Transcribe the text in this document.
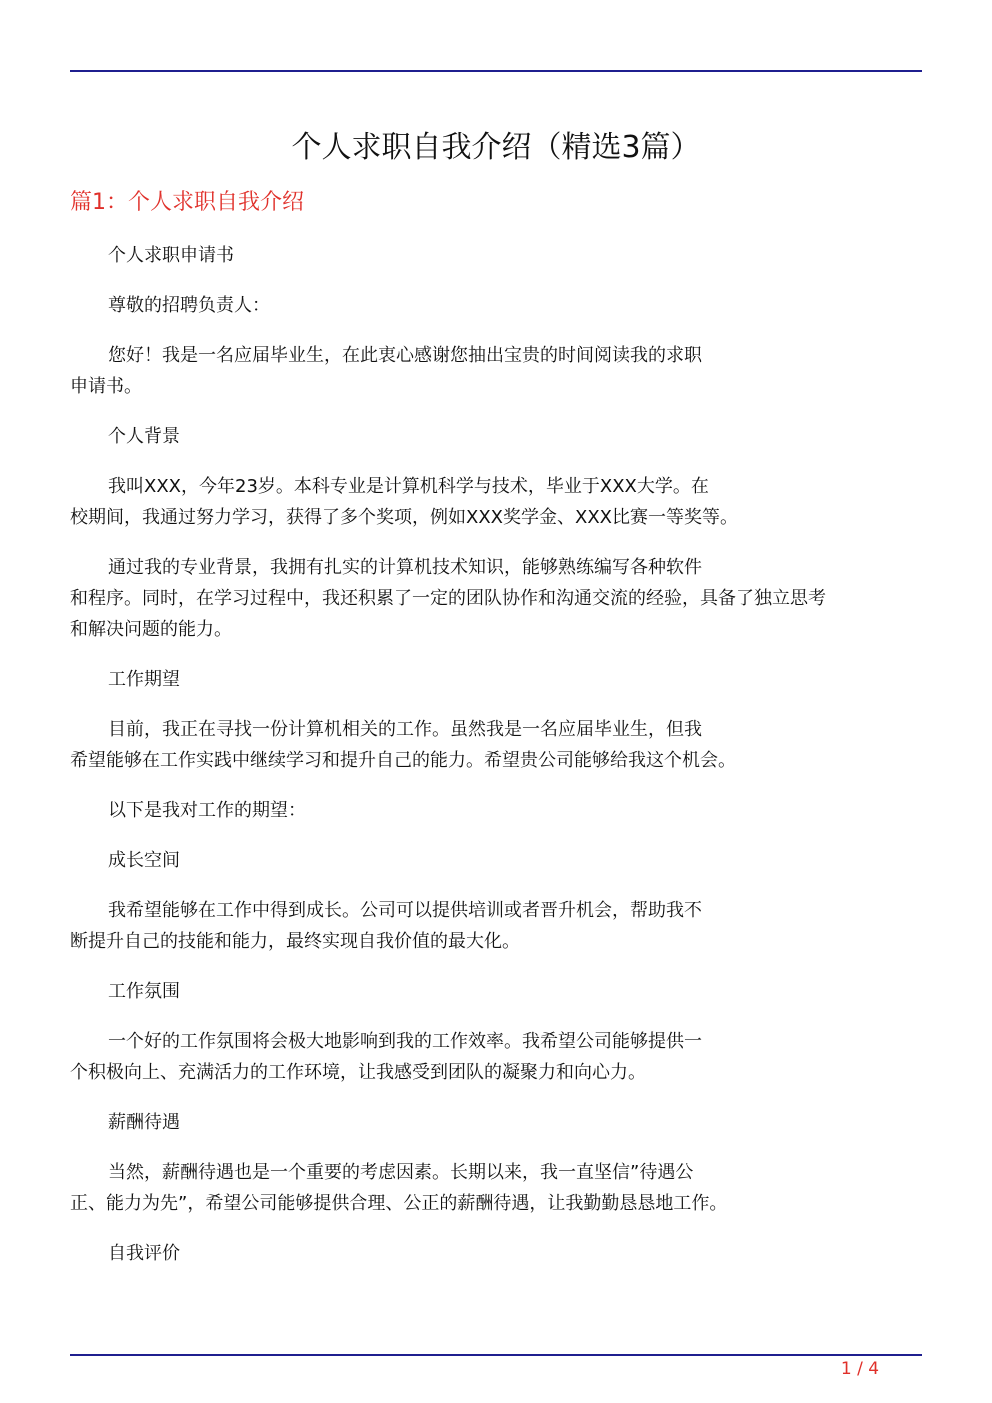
个人求职自我介绍（精选3篇）
篇1：个人求职自我介绍

个人求职申请书

尊敬的招聘负责人：

您好！我是一名应届毕业生，在此衷心感谢您抽出宝贵的时间阅读我的求职
申请书。

个人背景

我叫XXX，今年23岁。本科专业是计算机科学与技术，毕业于XXX大学。在
校期间，我通过努力学习，获得了多个奖项，例如XXX奖学金、XXX比赛一等奖等。

通过我的专业背景，我拥有扎实的计算机技术知识，能够熟练编写各种软件
和程序。同时，在学习过程中，我还积累了一定的团队协作和沟通交流的经验，具备了独立思考
和解决问题的能力。

工作期望

目前，我正在寻找一份计算机相关的工作。虽然我是一名应届毕业生，但我
希望能够在工作实践中继续学习和提升自己的能力。希望贵公司能够给我这个机会。

以下是我对工作的期望：

成长空间

我希望能够在工作中得到成长。公司可以提供培训或者晋升机会，帮助我不
断提升自己的技能和能力，最终实现自我价值的最大化。

工作氛围

一个好的工作氛围将会极大地影响到我的工作效率。我希望公司能够提供一
个积极向上、充满活力的工作环境，让我感受到团队的凝聚力和向心力。

薪酬待遇

当然，薪酬待遇也是一个重要的考虑因素。长期以来，我一直坚信”待遇公
正、能力为先”，希望公司能够提供合理、公正的薪酬待遇，让我勤勤恳恳地工作。

自我评价

1 / 4
